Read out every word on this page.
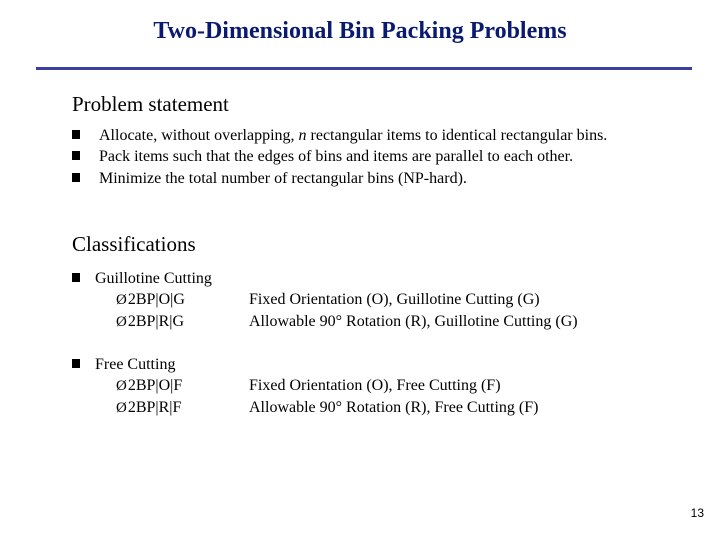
Two-Dimensional Bin Packing Problems
Problem statement
Allocate, without overlapping, n rectangular items to identical rectangular bins.
Pack items such that the edges of bins and items are parallel to each other.
Minimize the total number of rectangular bins (NP-hard).
Classifications
Guillotine Cutting
Ø2BP|O|G	Fixed Orientation (O), Guillotine Cutting (G)
Ø2BP|R|G	Allowable 90° Rotation (R), Guillotine Cutting (G)
Free Cutting
Ø2BP|O|F	Fixed Orientation (O), Free Cutting (F)
Ø2BP|R|F	Allowable 90° Rotation (R), Free Cutting (F)
13
